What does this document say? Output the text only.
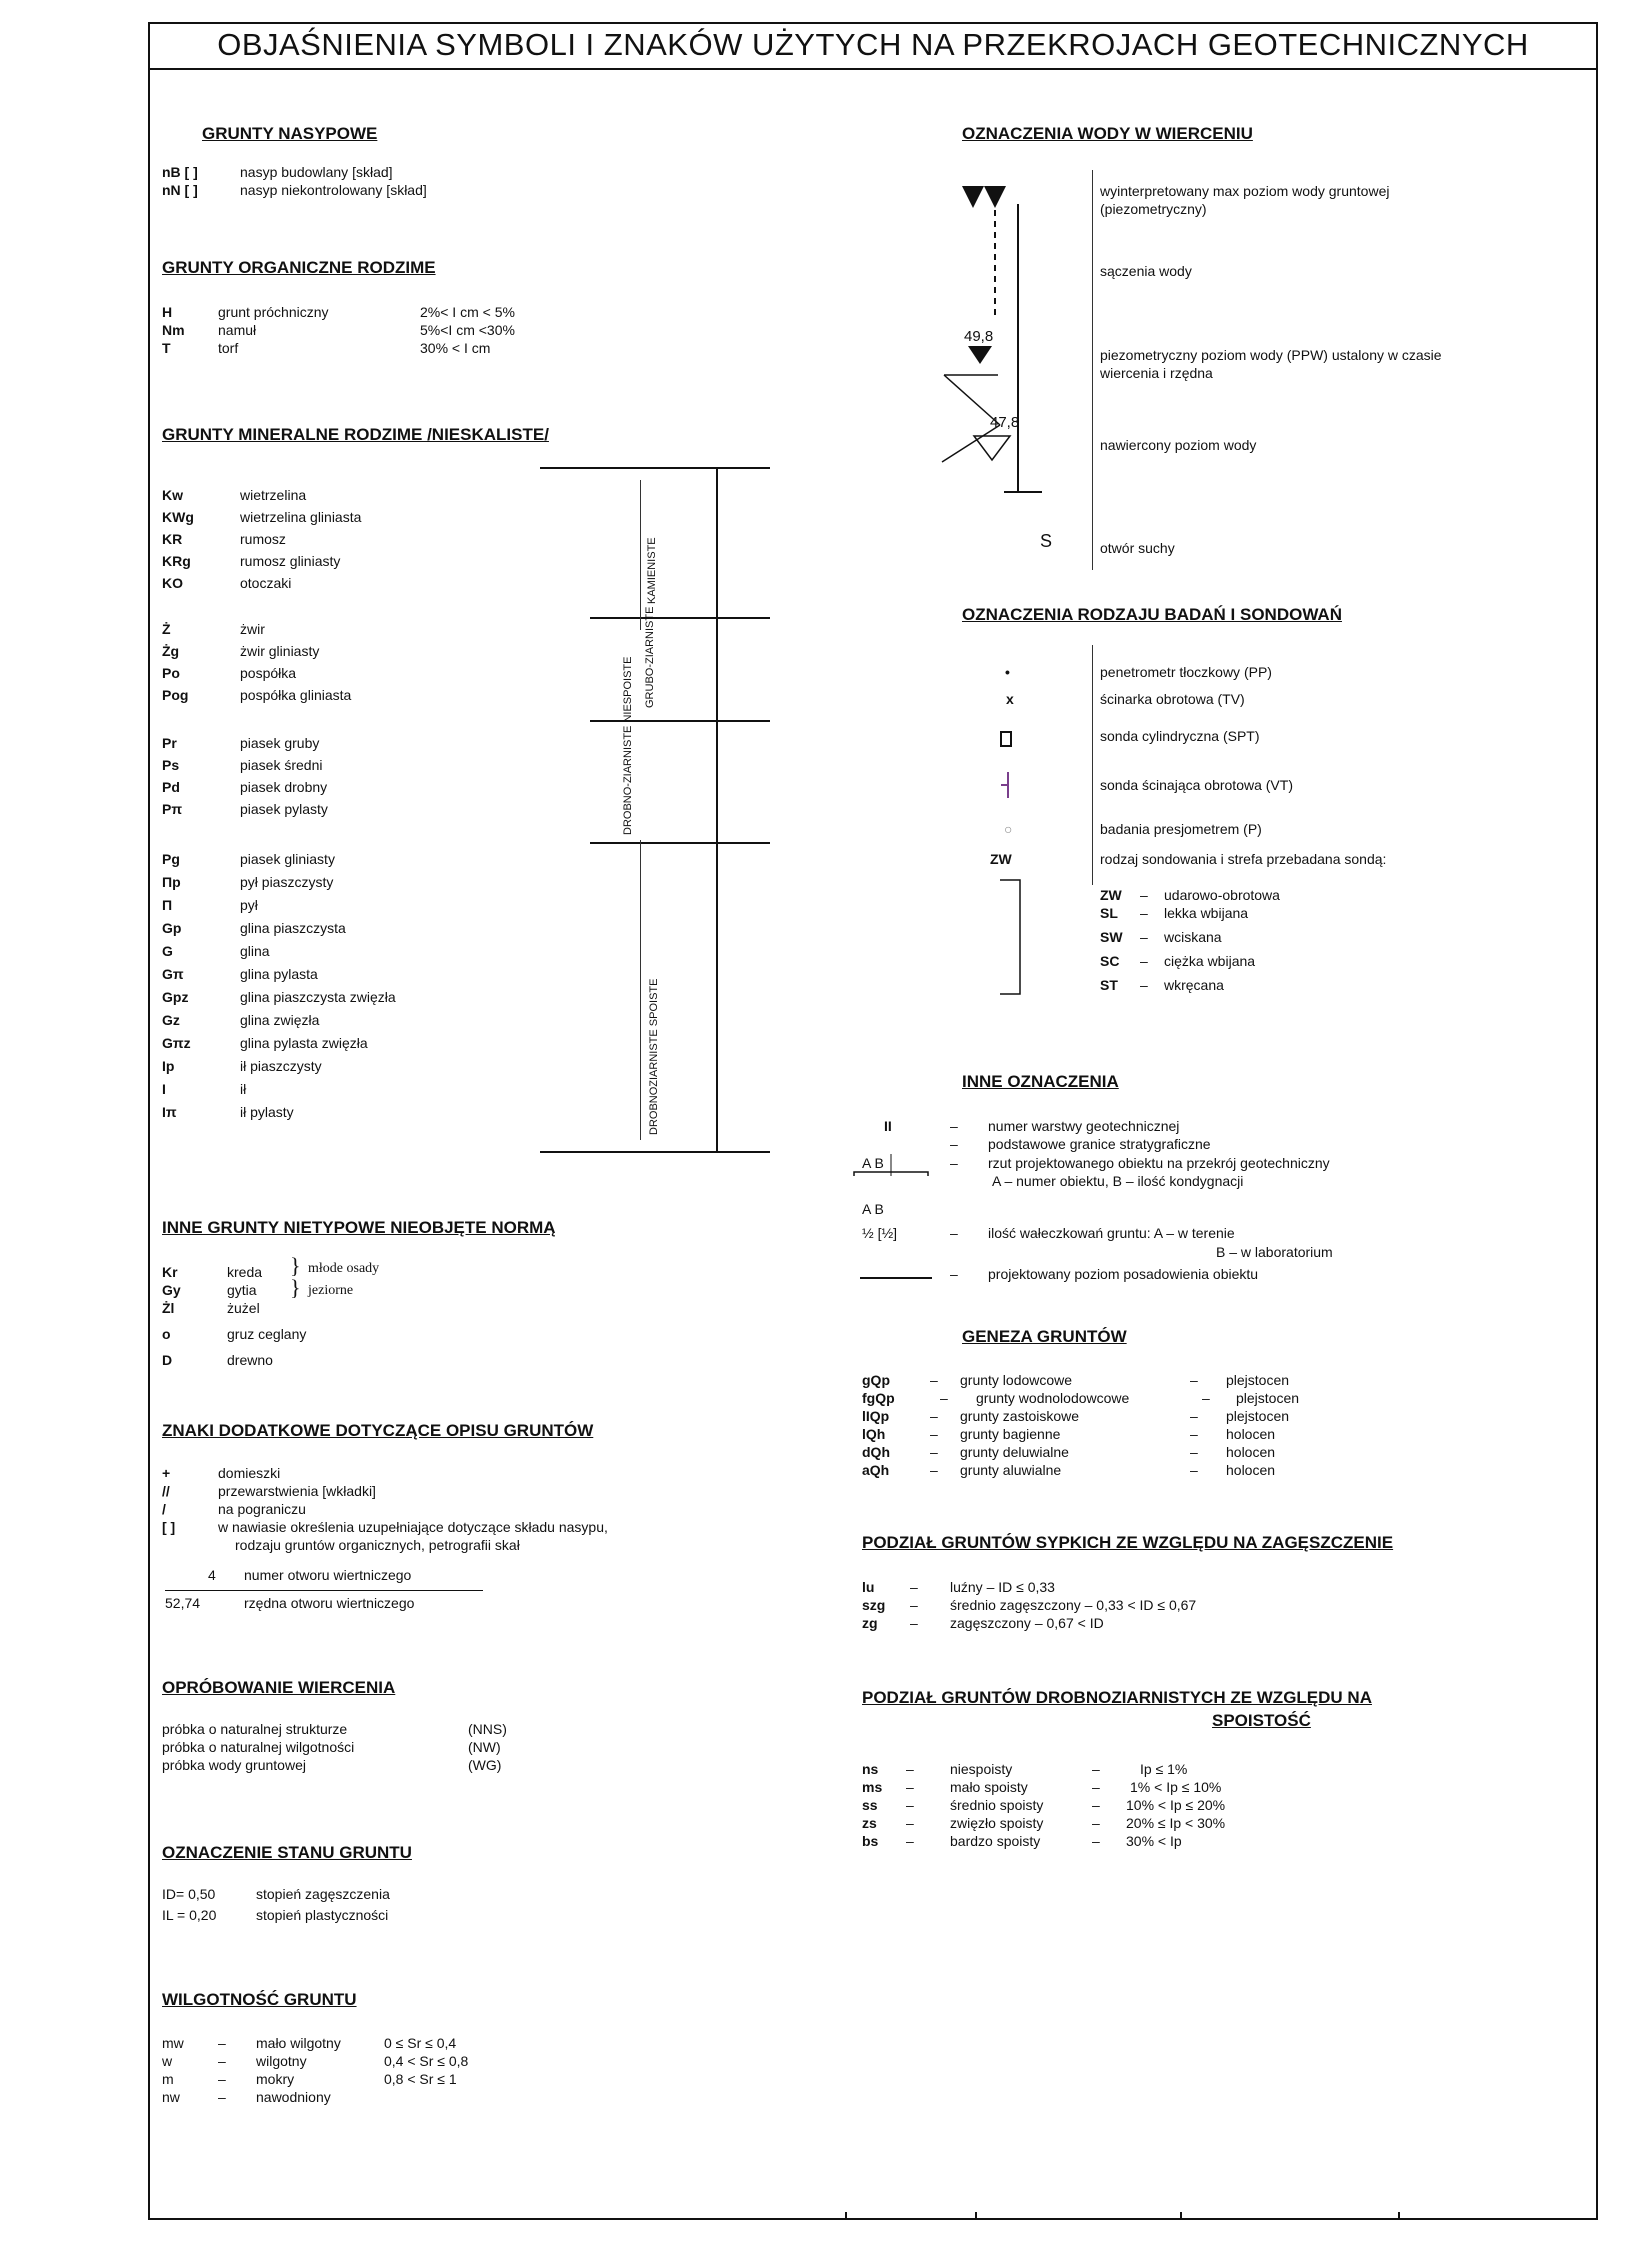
OBJAŚNIENIA SYMBOLI I ZNAKÓW UŻYTYCH NA PRZEKROJACH GEOTECHNICZNYCH
GRUNTY NASYPOWE
nB [ ]	nasyp budowlany [skład]
nN [ ]	nasyp niekontrolowany [skład]
GRUNTY ORGANICZNE RODZIME
H	grunt próchniczny	2%< I cm < 5%
Nm namuł	5%<I cm <30%
T	torf	30% < I cm
GRUNTY MINERALNE RODZIME /NIESKALISTE/
Kw	wietrzelina
KWg	wietrzelina gliniasta
KR	rumosz
KRg	rumosz gliniasty
KO	otoczaki
Ż	żwir
Żg	żwir gliniasty
Po	pospółka
Pog	pospółka gliniasta
Pr	piasek gruby
Ps	piasek średni
Pd	piasek drobny
Pπ	piasek pylasty
Pg	piasek gliniasty
Πp	pył piaszczysty
Π	pył
Gp	glina piaszczysta
G	glina
Gπ	glina pylasta
Gpz	glina piaszczysta zwięzła
Gz	glina zwięzła
Gπz	glina pylasta zwięzła
Ip	ił piaszczysty
I	ił
Iπ	ił pylasty
KAMIENISTE
GRUBO-ZIARNISTE
DROBNO-ZIARNISTE NIESPOISTE
DROBNOZIARNISTE SPOISTE
INNE GRUNTY NIETYPOWE NIEOBJĘTE NORMĄ
Kr	kreda
Gy	gytia
Żl	żużel
o	gruz ceglany
D	drewno
}
}
młode osady
jeziorne
ZNAKI DODATKOWE DOTYCZĄCE OPISU GRUNTÓW
+	domieszki
//	przewarstwienia [wkładki]
/	na pograniczu
[ ]	w nawiasie określenia uzupełniające dotyczące składu nasypu,
rodzaju gruntów organicznych, petrografii skał
4 numer otworu wiertniczego
52,74	rzędna otworu wiertniczego
OPRÓBOWANIE WIERCENIA
próbka o naturalnej strukturze	(NNS)
próbka o naturalnej wilgotności	(NW)
próbka wody gruntowej	(WG)
OZNACZENIE STANU GRUNTU
ID= 0,50	stopień zagęszczenia
IL = 0,20	stopień plastyczności
WILGOTNOŚĆ GRUNTU
mw – mało wilgotny	0 ≤ Sr ≤ 0,4
w	– wilgotny	0,4 < Sr ≤ 0,8
m	– mokry	0,8 < Sr ≤ 1
nw	– nawodniony
OZNACZENIA WODY W WIERCENIU
49,8
47,8
S
wyinterpretowany max poziom wody gruntowej
(piezometryczny)
sączenia wody
piezometryczny poziom wody (PPW) ustalony w czasie
wiercenia i rzędna
nawiercony poziom wody
otwór suchy
OZNACZENIA RODZAJU BADAŃ I SONDOWAŃ
•	penetrometr tłoczkowy (PP)
x	ścinarka obrotowa (TV)
sonda cylindryczna (SPT)
sonda ścinająca obrotowa (VT)
○	badania presjometrem (P)
ZW	rodzaj sondowania i strefa przebadana sondą:
ZW – udarowo-obrotowa
SL – lekka wbijana
SW – wciskana
SC – ciężka wbijana
ST – wkręcana
INNE OZNACZENIA
II	– numer warstwy geotechnicznej
– podstawowe granice stratygraficzne
A B	– rzut projektowanego obiektu na przekrój geotechniczny
A – numer obiektu, B – ilość kondygnacji
A B
½ [½]	– ilość wałeczkowań gruntu: A – w terenie
B – w laboratorium
– projektowany poziom posadowienia obiektu
GENEZA GRUNTÓW
gQp	– grunty lodowcowe	– plejstocen
fgQp	– grunty wodnolodowcowe	– plejstocen
lIQp	– grunty zastoiskowe	– plejstocen
lQh	– grunty bagienne	– holocen
dQh	– grunty deluwialne	– holocen
aQh	– grunty aluwialne	– holocen
PODZIAŁ GRUNTÓW SYPKICH ZE WZGLĘDU NA ZAGĘSZCZENIE
lu	– luźny – ID ≤ 0,33
szg – średnio zagęszczony – 0,33 < ID ≤ 0,67
zg – zagęszczony – 0,67 < ID
PODZIAŁ GRUNTÓW DROBNOZIARNISTYCH ZE WZGLĘDU NA
SPOISTOŚĆ
ns –	niespoisty	–	Ip ≤ 1%
ms –	mało spoisty	– 1% < Ip ≤ 10%
ss –	średnio spoisty	– 10% < Ip ≤ 20%
zs –	zwięzło spoisty	– 20% ≤ Ip < 30%
bs –	bardzo spoisty	– 30% < Ip
